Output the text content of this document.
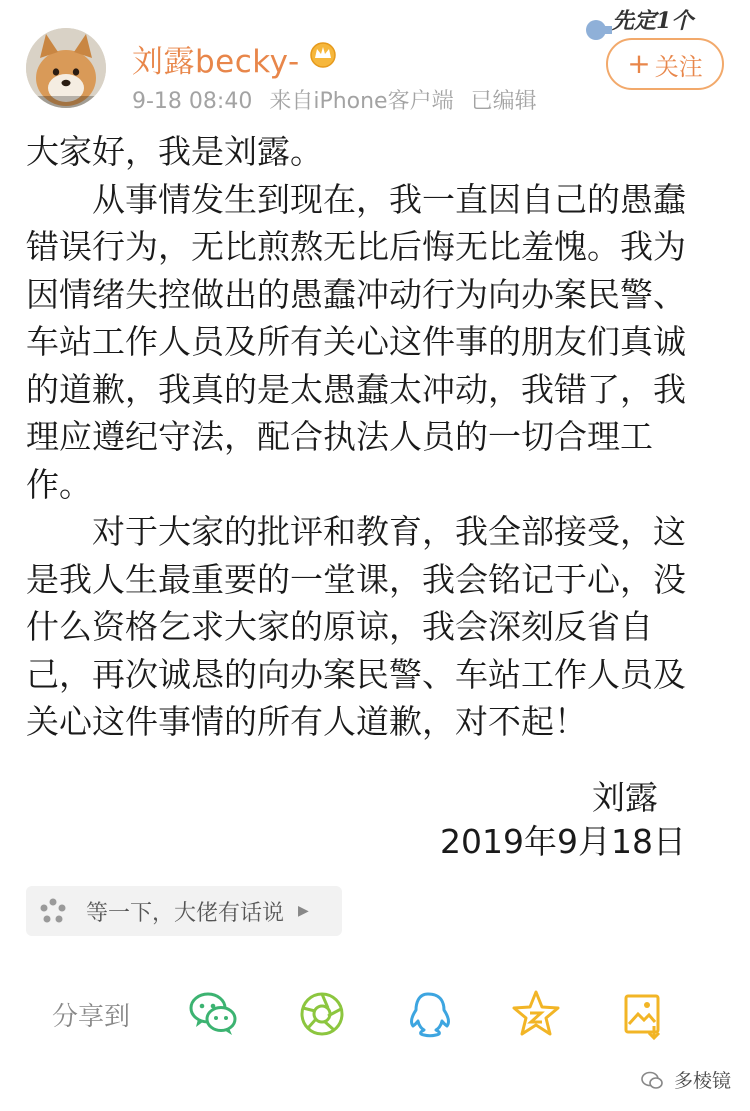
刘露becky-
9-18 08:40 来自iPhone客户端 已编辑
先定1个
+ 关注

大家好，我是刘露。

从事情发生到现在，我一直因自己的愚蠢错误行为，无比煎熬无比后悔无比羞愧。我为因情绪失控做出的愚蠢冲动行为向办案民警、车站工作人员及所有关心这件事的朋友们真诚的道歉，我真的是太愚蠢太冲动，我错了，我理应遵纪守法，配合执法人员的一切合理工作。

对于大家的批评和教育，我全部接受，这是我人生最重要的一堂课，我会铭记于心，没什么资格乞求大家的原谅，我会深刻反省自己，再次诚恳的向办案民警、车站工作人员及关心这件事情的所有人道歉，对不起！

刘露
2019年9月18日
等一下，大佬有话说 ▶
分享到
多棱镜
